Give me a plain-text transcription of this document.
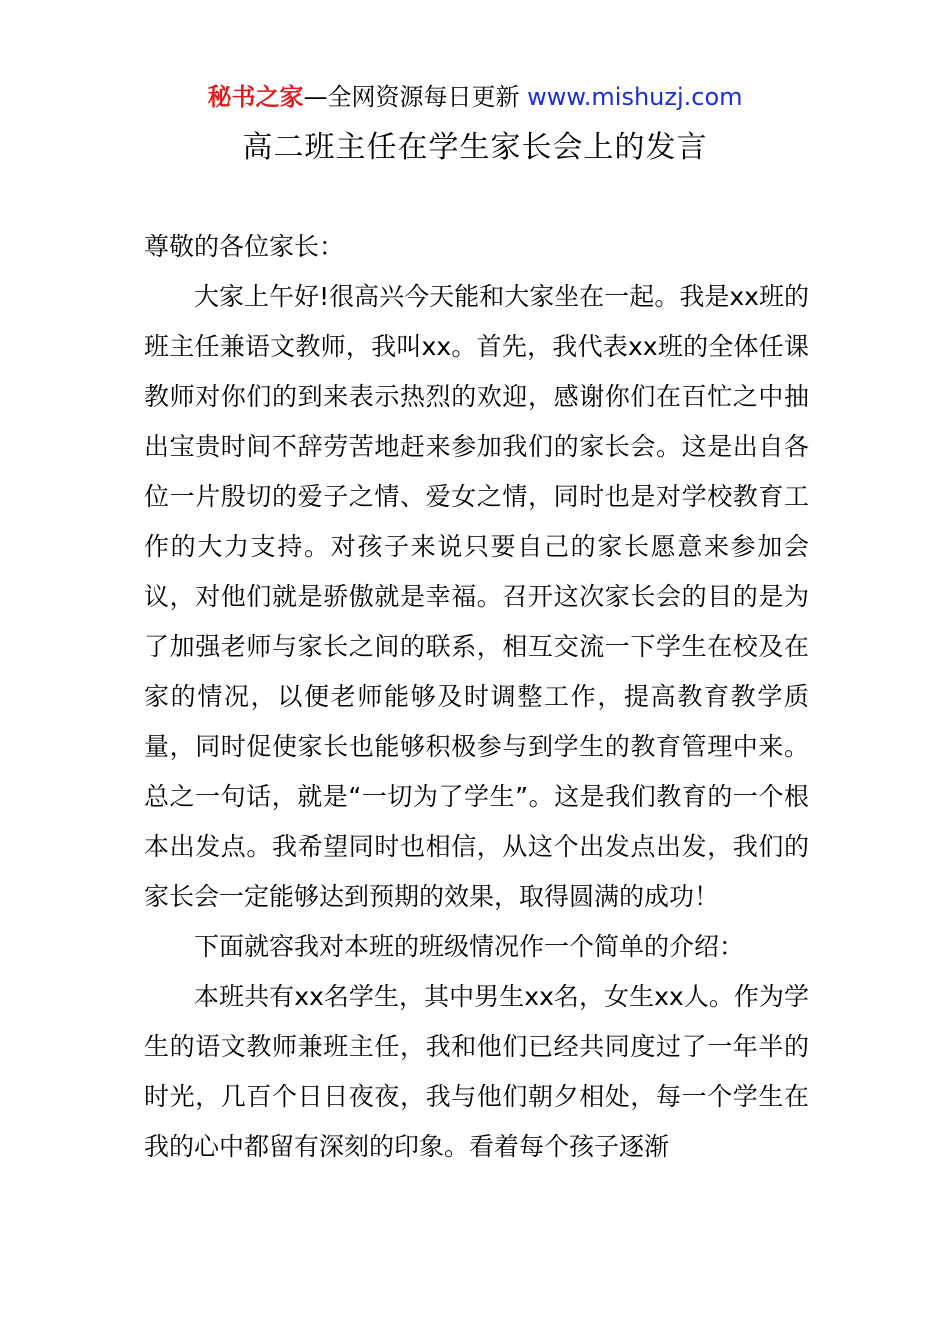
秘书之家—全网资源每日更新 www.mishuzj.com
高二班主任在学生家长会上的发言

尊敬的各位家长：

大家上午好!很高兴今天能和大家坐在一起。我是xx班的班主任兼语文教师，我叫xx。首先，我代表xx班的全体任课教师对你们的到来表示热烈的欢迎，感谢你们在百忙之中抽出宝贵时间不辞劳苦地赶来参加我们的家长会。这是出自各位一片殷切的爱子之情、爱女之情，同时也是对学校教育工作的大力支持。对孩子来说只要自己的家长愿意来参加会议，对他们就是骄傲就是幸福。召开这次家长会的目的是为了加强老师与家长之间的联系，相互交流一下学生在校及在家的情况，以便老师能够及时调整工作，提高教育教学质量，同时促使家长也能够积极参与到学生的教育管理中来。总之一句话，就是“一切为了学生”。这是我们教育的一个根本出发点。我希望同时也相信，从这个出发点出发，我们的家长会一定能够达到预期的效果，取得圆满的成功！

下面就容我对本班的班级情况作一个简单的介绍：

本班共有xx名学生，其中男生xx名，女生xx人。作为学生的语文教师兼班主任，我和他们已经共同度过了一年半的时光，几百个日日夜夜，我与他们朝夕相处，每一个学生在我的心中都留有深刻的印象。看着每个孩子逐渐
